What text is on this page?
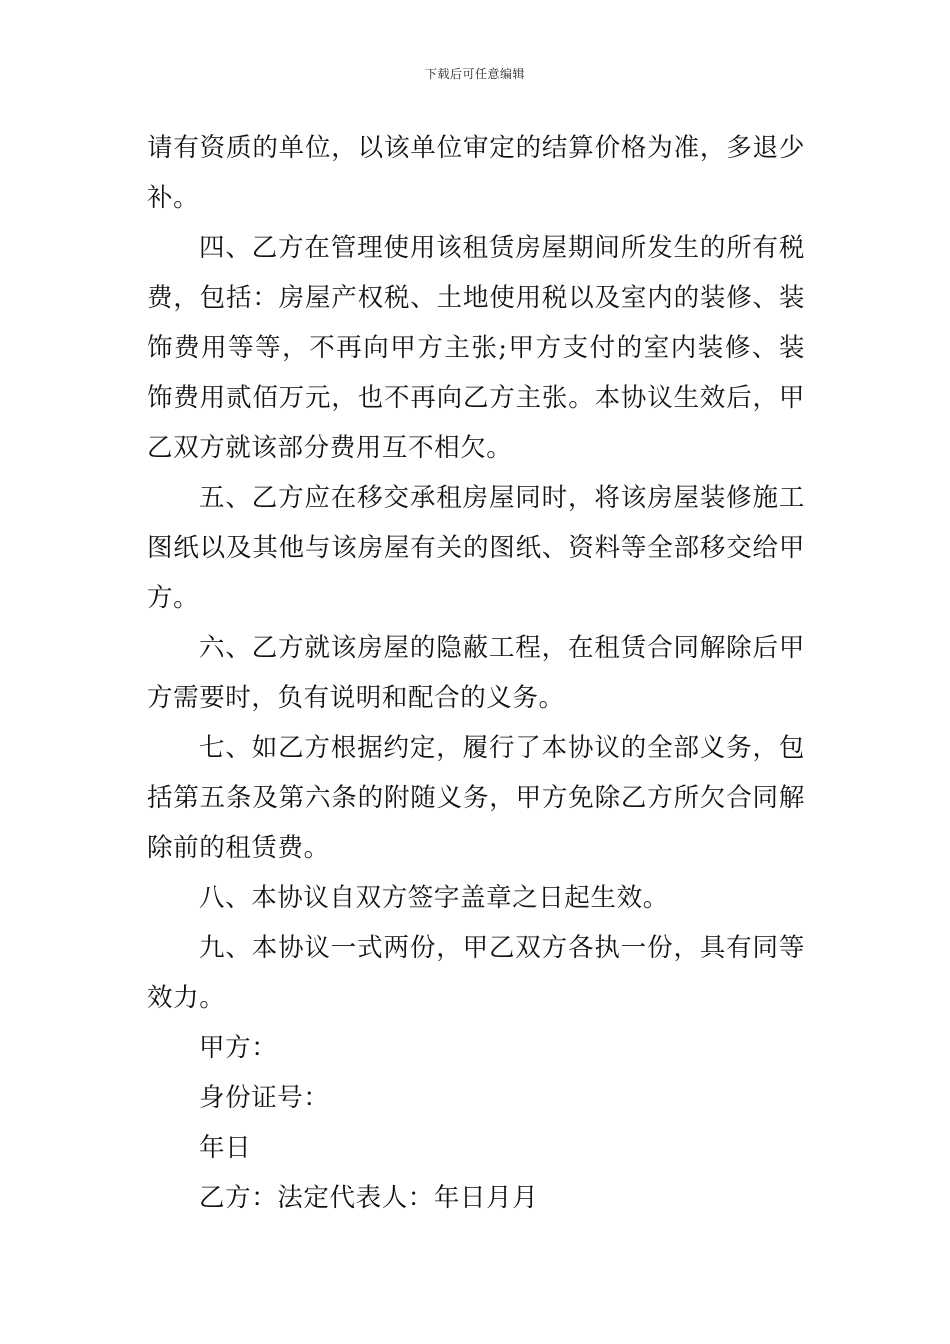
下载后可任意编辑

请有资质的单位，以该单位审定的结算价格为准，多退少补。

四、乙方在管理使用该租赁房屋期间所发生的所有税费，包括：房屋产权税、土地使用税以及室内的装修、装饰费用等等，不再向甲方主张;甲方支付的室内装修、装饰费用贰佰万元，也不再向乙方主张。本协议生效后，甲乙双方就该部分费用互不相欠。

五、乙方应在移交承租房屋同时，将该房屋装修施工图纸以及其他与该房屋有关的图纸、资料等全部移交给甲方。

六、乙方就该房屋的隐蔽工程，在租赁合同解除后甲方需要时，负有说明和配合的义务。

七、如乙方根据约定，履行了本协议的全部义务，包括第五条及第六条的附随义务，甲方免除乙方所欠合同解除前的租赁费。

八、本协议自双方签字盖章之日起生效。

九、本协议一式两份，甲乙双方各执一份，具有同等效力。

甲方：

身份证号：

年日

乙方：法定代表人：年日月月
